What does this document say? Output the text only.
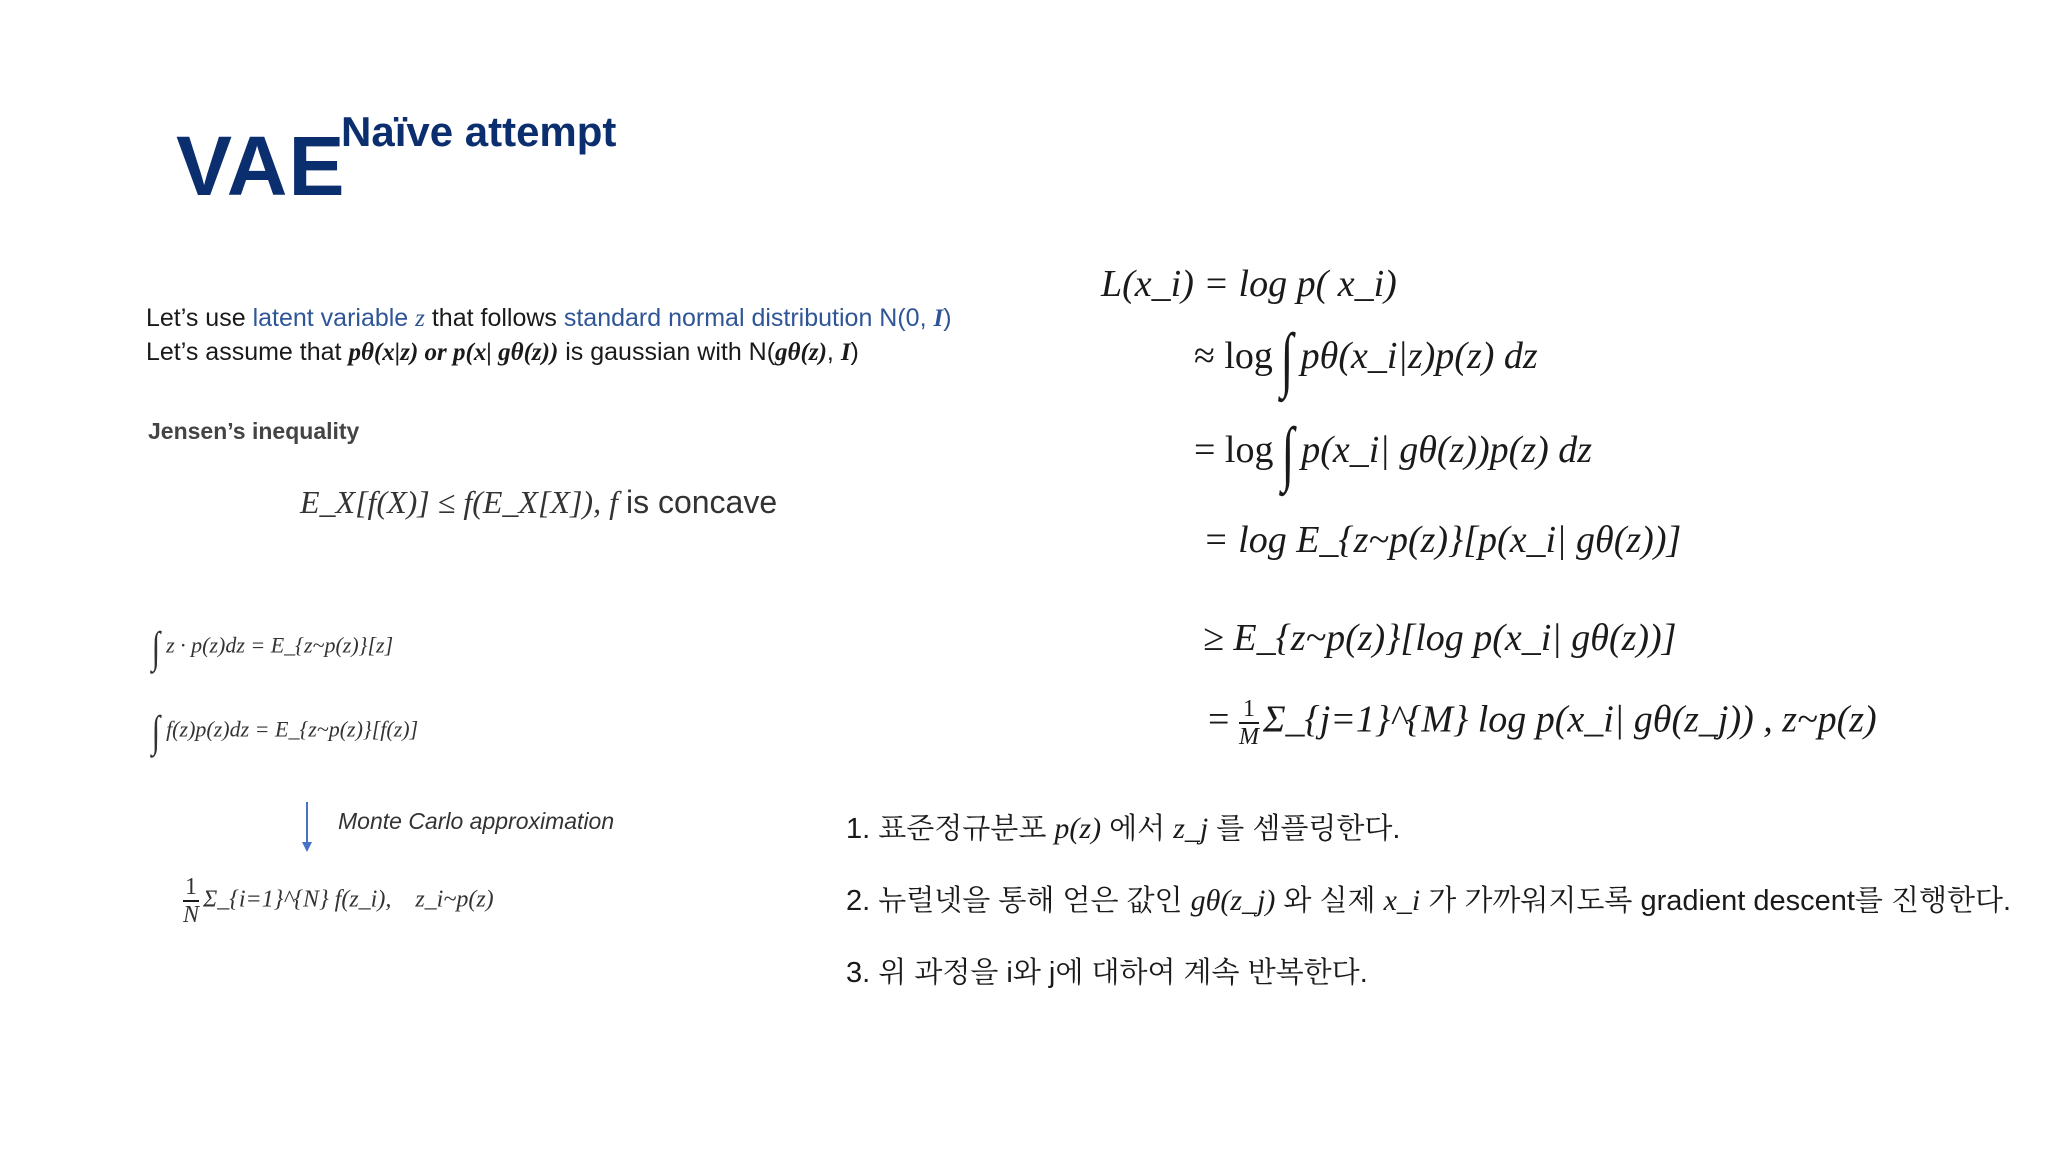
VAE
Naïve attempt
Let’s use latent variable z that follows standard normal distribution N(0, I)
Let’s assume that pθ(x|z) or p(x| gθ(z)) is gaussian with N(gθ(z), I)
Jensen’s inequality
E_X[f(X)] ≤ f(E_X[X]), f is concave
∫ z · p(z)dz = E_{z~p(z)}[z]
∫ f(z)p(z)dz = E_{z~p(z)}[f(z)]
Monte Carlo approximation
$\frac{1}{N}$ Σ_{i=1}^{N} f(z_i), z_i~p(z)
L(x_i) = log p( x_i)
≈ log ∫ pθ(x_i|z)p(z) dz
= log ∫ p(x_i| gθ(z))p(z) dz
= log E_{z~p(z)}[p(x_i| gθ(z))]
≥ E_{z~p(z)}[log p(x_i| gθ(z))]
= $\frac{1}{M}$ Σ_{j=1}^{M} log p(x_i| gθ(z_j)) , z~p(z)
1. 표준정규분포 p(z) 에서 z_j 를 셈플링한다.
2. 뉴럴넷을 통해 얻은 값인 gθ(z_j) 와 실제 x_i 가 가까워지도록 gradient descent를 진행한다.
3. 위 과정을 i와 j에 대하여 계속 반복한다.
